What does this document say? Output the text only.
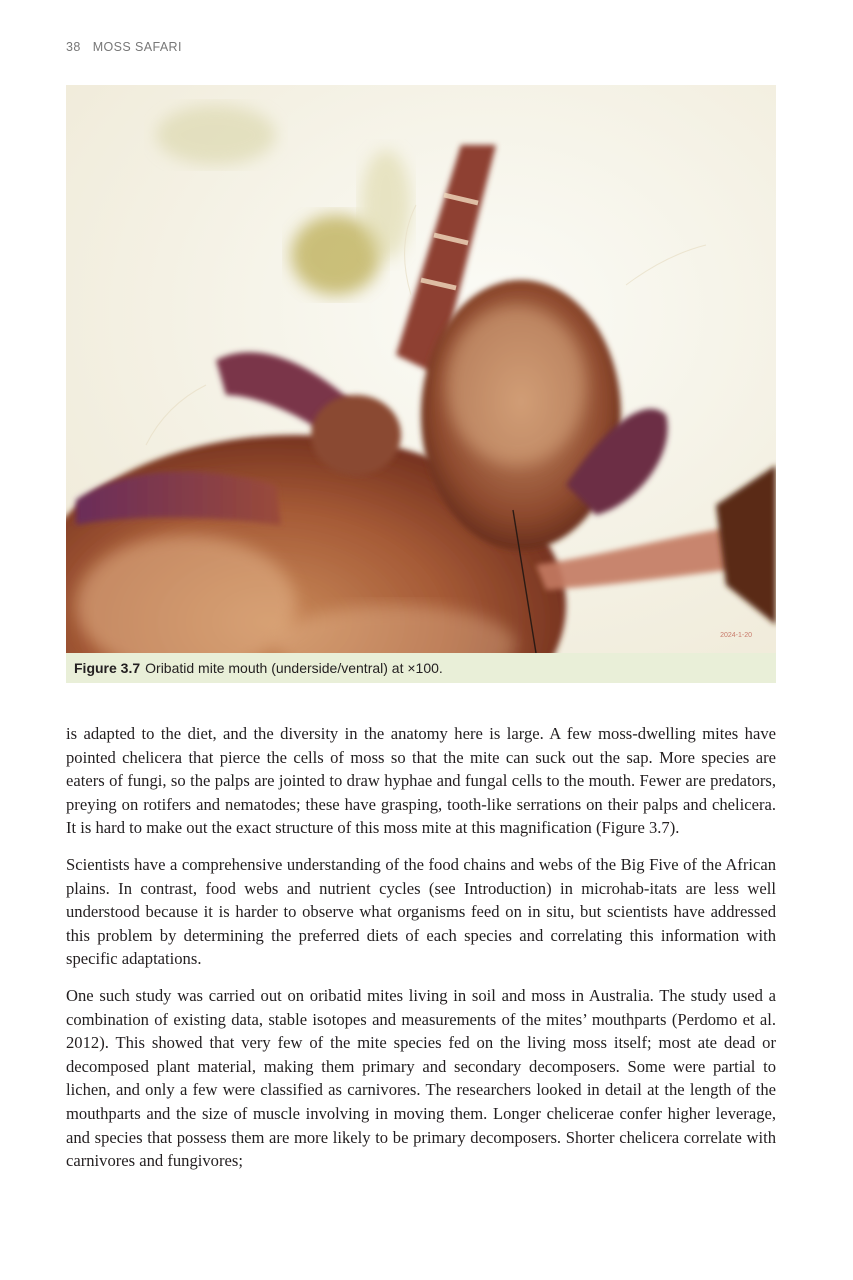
38 MOSS SAFARI
2024-1-20
Figure 3.7 Oribatid mite mouth (underside/ventral) at ×100.

is adapted to the diet, and the diversity in the anatomy here is large. A few moss-dwelling mites have pointed chelicera that pierce the cells of moss so that the mite can suck out the sap. More species are eaters of fungi, so the palps are jointed to draw hyphae and fungal cells to the mouth. Fewer are predators, preying on rotifers and nematodes; these have grasping, tooth-like serrations on their palps and chelicera. It is hard to make out the exact structure of this moss mite at this magnification (Figure 3.7).

Scientists have a comprehensive understanding of the food chains and webs of the Big Five of the African plains. In contrast, food webs and nutrient cycles (see Introduction) in microhab-itats are less well understood because it is harder to observe what organisms feed on in situ, but scientists have addressed this problem by determining the preferred diets of each species and correlating this information with specific adaptations.

One such study was carried out on oribatid mites living in soil and moss in Australia. The study used a combination of existing data, stable isotopes and measurements of the mites’ mouthparts (Perdomo et al. 2012). This showed that very few of the mite species fed on the living moss itself; most ate dead or decomposed plant material, making them primary and secondary decomposers. Some were partial to lichen, and only a few were classified as carnivores. The researchers looked in detail at the length of the mouthparts and the size of muscle involving in moving them. Longer chelicerae confer higher leverage, and species that possess them are more likely to be primary decomposers. Shorter chelicera correlate with carnivores and fungivores;
